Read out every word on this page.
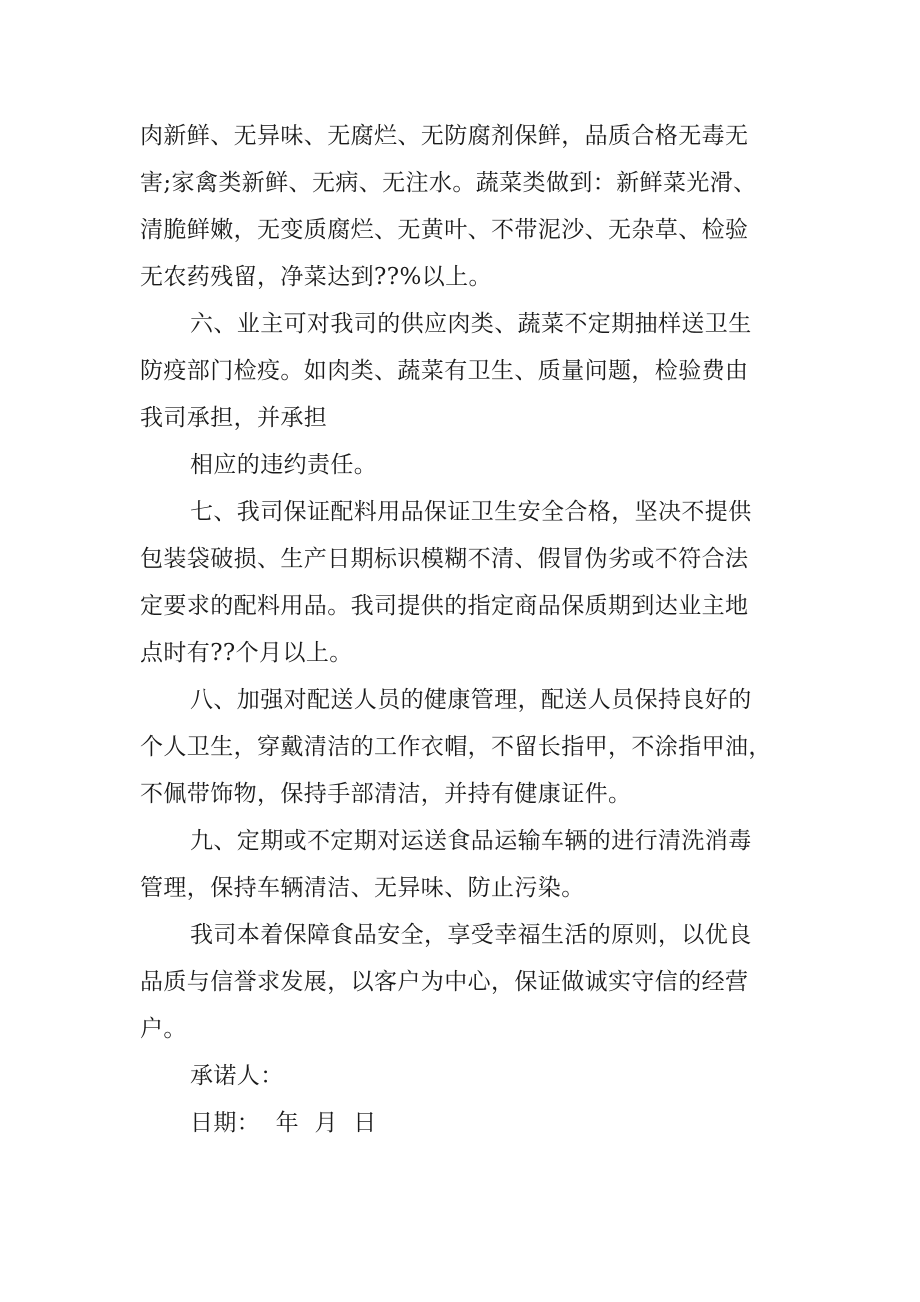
肉新鲜、无异味、无腐烂、无防腐剂保鲜，品质合格无毒无
害;家禽类新鲜、无病、无注水。蔬菜类做到：新鲜菜光滑、
清脆鲜嫩，无变质腐烂、无黄叶、不带泥沙、无杂草、检验
无农药残留，净菜达到??%以上。
六、业主可对我司的供应肉类、蔬菜不定期抽样送卫生
防疫部门检疫。如肉类、蔬菜有卫生、质量问题，检验费由
我司承担，并承担
相应的违约责任。
七、我司保证配料用品保证卫生安全合格，坚决不提供
包装袋破损、生产日期标识模糊不清、假冒伪劣或不符合法
定要求的配料用品。我司提供的指定商品保质期到达业主地
点时有??个月以上。
八、加强对配送人员的健康管理，配送人员保持良好的
个人卫生，穿戴清洁的工作衣帽，不留长指甲，不涂指甲油，
不佩带饰物，保持手部清洁，并持有健康证件。
九、定期或不定期对运送食品运输车辆的进行清洗消毒
管理，保持车辆清洁、无异味、防止污染。
我司本着保障食品安全，享受幸福生活的原则，以优良
品质与信誉求发展，以客户为中心，保证做诚实守信的经营
户。
承诺人：
日期：  年  月  日
